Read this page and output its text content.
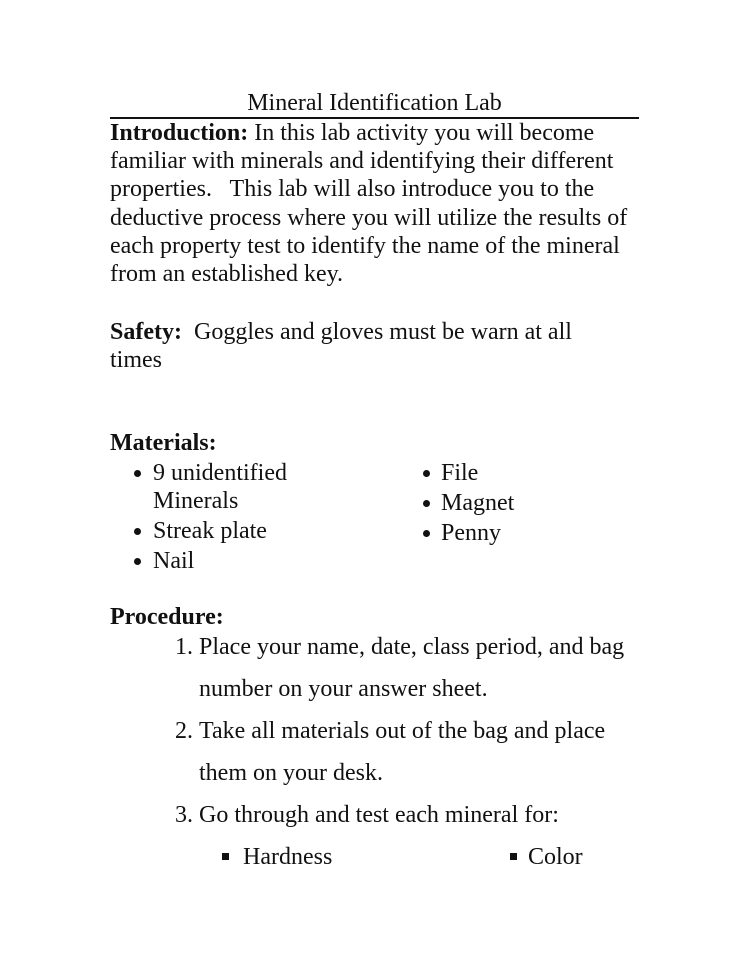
Mineral Identification Lab
Introduction: In this lab activity you will become
familiar with minerals and identifying their different
properties.   This lab will also introduce you to the
deductive process where you will utilize the results of
each property test to identify the name of the mineral
from an established key.
Safety: Goggles and gloves must be warn at all
times
Materials:
9 unidentified
Minerals
Streak plate
Nail
File
Magnet
Penny
Procedure:
1. Place your name, date, class period, and bag
number on your answer sheet.
2. Take all materials out of the bag and place
them on your desk.
3. Go through and test each mineral for:
Hardness	Color
